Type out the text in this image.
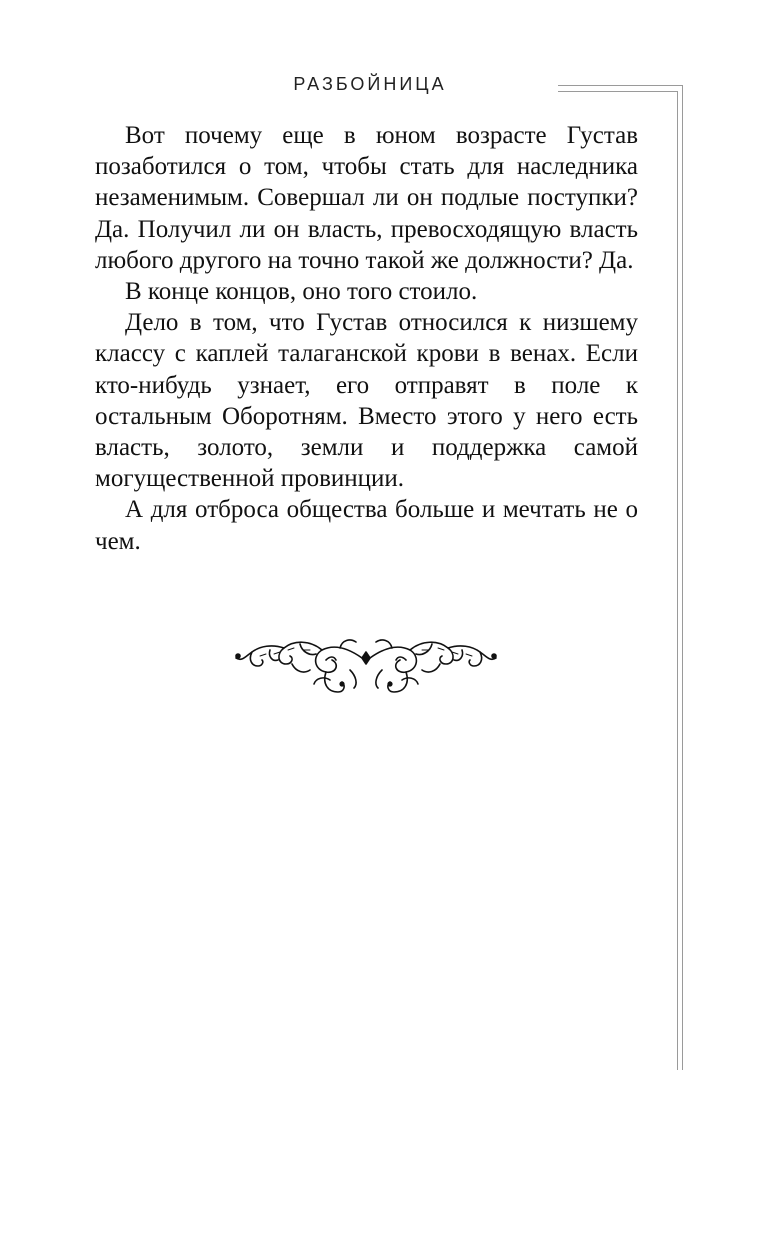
РАЗБОЙНИЦА

Вот почему еще в юном возрасте Густав позаботился о том, чтобы стать для наследника незаменимым. Совершал ли он подлые поступки? Да. Получил ли он власть, превосходящую власть любого другого на точно такой же должности? Да.

В конце концов, оно того стоило.

Дело в том, что Густав относился к низшему классу с каплей талаганской крови в венах. Если кто-нибудь узнает, его отправят в поле к остальным Оборотням. Вместо этого у него есть власть, золото, земли и поддержка самой могущественной провинции.

А для отброса общества больше и мечтать не о чем.
